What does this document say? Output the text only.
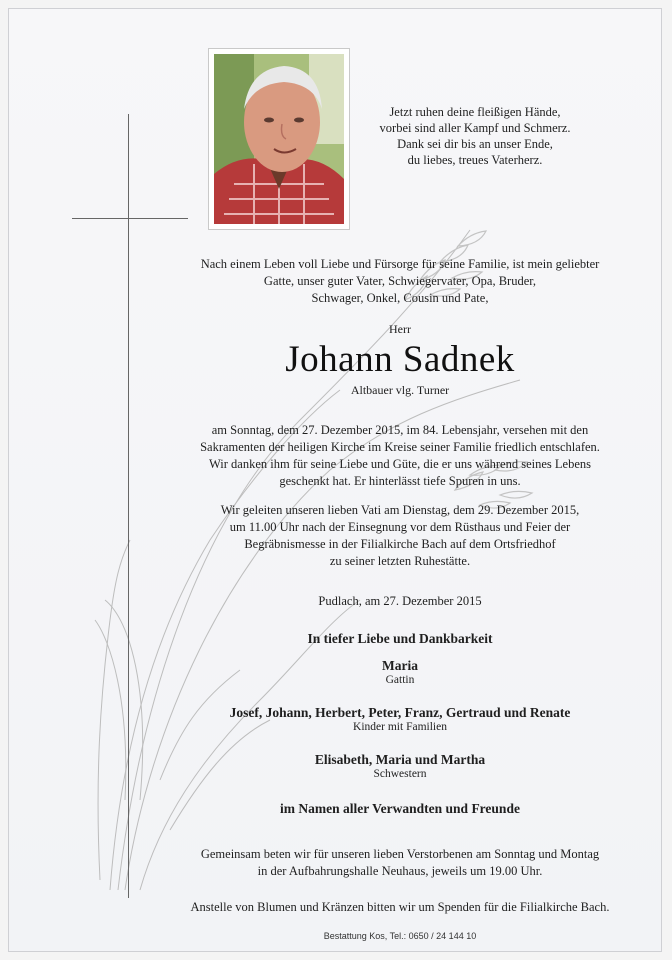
Jetzt ruhen deine fleißigen Hände,
vorbei sind aller Kampf und Schmerz.
Dank sei dir bis an unser Ende,
du liebes, treues Vaterherz.
Nach einem Leben voll Liebe und Fürsorge für seine Familie, ist mein geliebter
Gatte, unser guter Vater, Schwiegervater, Opa, Bruder,
Schwager, Onkel, Cousin und Pate,
Herr
Johann Sadnek
Altbauer vlg. Turner
am Sonntag, dem 27. Dezember 2015, im 84. Lebensjahr, versehen mit den
Sakramenten der heiligen Kirche im Kreise seiner Familie friedlich entschlafen.
Wir danken ihm für seine Liebe und Güte, die er uns während seines Lebens
geschenkt hat. Er hinterlässt tiefe Spuren in uns.
Wir geleiten unseren lieben Vati am Dienstag, dem 29. Dezember 2015,
um 11.00 Uhr nach der Einsegnung vor dem Rüsthaus und Feier der
Begräbnismesse in der Filialkirche Bach auf dem Ortsfriedhof
zu seiner letzten Ruhestätte.
Pudlach, am 27. Dezember 2015
In tiefer Liebe und Dankbarkeit
Maria
Gattin
Josef, Johann, Herbert, Peter, Franz, Gertraud und Renate
Kinder mit Familien
Elisabeth, Maria und Martha
Schwestern
im Namen aller Verwandten und Freunde
Gemeinsam beten wir für unseren lieben Verstorbenen am Sonntag und Montag
in der Aufbahrungshalle Neuhaus, jeweils um 19.00 Uhr.
Anstelle von Blumen und Kränzen bitten wir um Spenden für die Filialkirche Bach.
Bestattung Kos, Tel.: 0650 / 24 144 10
